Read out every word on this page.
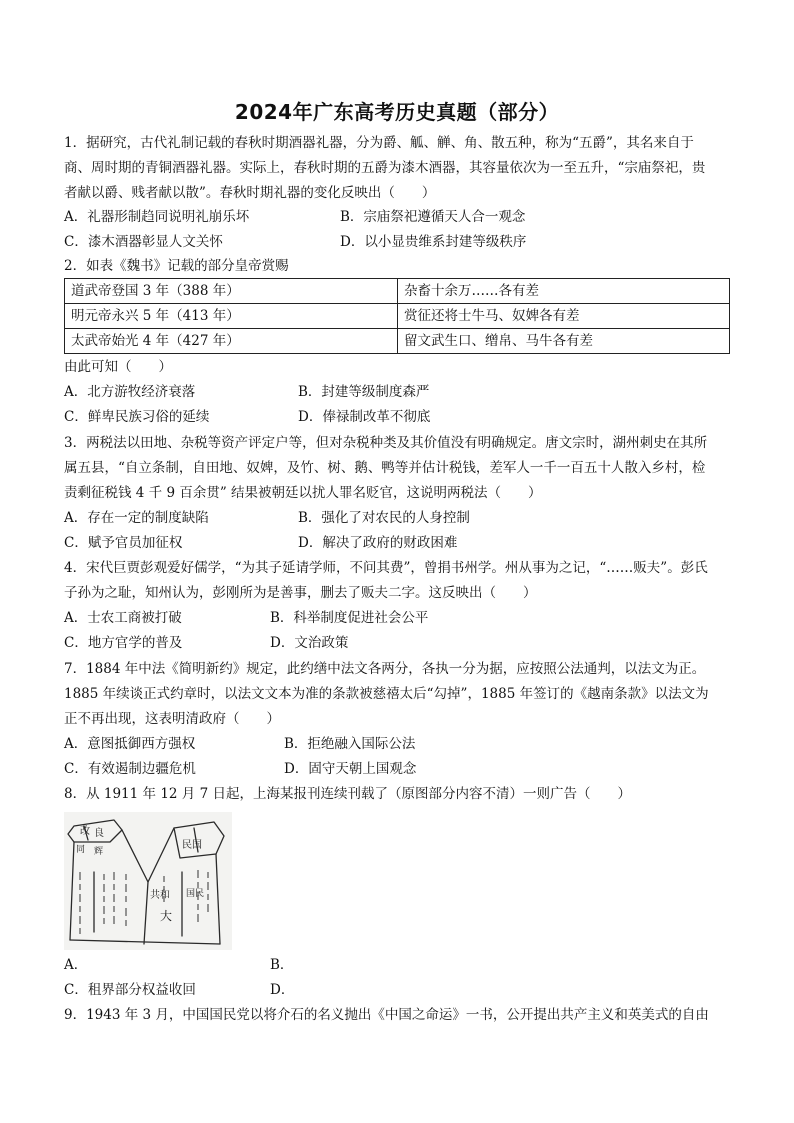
2024年广东高考历史真题（部分）
1．据研究，古代礼制记载的春秋时期酒器礼器，分为爵、觚、觯、角、散五种，称为“五爵”，其名来自于
商、周时期的青铜酒器礼器。实际上，春秋时期的五爵为漆木酒器，其容量依次为一至五升，“宗庙祭祀，贵
者献以爵、贱者献以散”。春秋时期礼器的变化反映出（　　）
A．礼器形制趋同说明礼崩乐坏	B．宗庙祭祀遵循天人合一观念
C．漆木酒器彰显人文关怀	D．以小显贵维系封建等级秩序
2．如表《魏书》记载的部分皇帝赏赐
道武帝登国 3 年（388 年）	杂畜十余万……各有差
明元帝永兴 5 年（413 年）	赏征还将士牛马、奴婢各有差
太武帝始光 4 年（427 年）	留文武生口、缯帛、马牛各有差
由此可知（　　）
A．北方游牧经济衰落	B．封建等级制度森严
C．鲜卑民族习俗的延续	D．俸禄制改革不彻底
3．两税法以田地、杂税等资产评定户等，但对杂税种类及其价值没有明确规定。唐文宗时，湖州刺史在其所
属五县，“自立条制，自田地、奴婢，及竹、树、鹅、鸭等并估计税钱，差军人一千一百五十人散入乡村，检
责剩征税钱 4 千 9 百余贯” 结果被朝廷以扰人罪名贬官，这说明两税法（　　）
A．存在一定的制度缺陷	B．强化了对农民的人身控制
C．赋予官员加征权	D．解决了政府的财政困难
4．宋代巨贾彭观爱好儒学，“为其子延请学师，不问其费”，曾捐书州学。州从事为之记，“……贩夫”。彭氏
子孙为之耻，知州认为，彭刚所为是善事，删去了贩夫二字。这反映出（　　）
A．士农工商被打破	B．科举制度促进社会公平
C．地方官学的普及	D．文治政策
7．1884 年中法《简明新约》规定，此约缮中法文各两分，各执一分为据，应按照公法通判，以法文为正。
1885 年续谈正式约章时，以法文文本为准的条款被慈禧太后“勾掉”，1885 年签订的《越南条款》以法文为
正不再出现，这表明清政府（　　）
A．意图抵御西方强权	B．拒绝融入国际公法
C．有效遏制边疆危机	D．固守天朝上国观念
8．从 1911 年 12 月 7 日起，上海某报刊连续刊载了（原图部分内容不清）一则广告（　　）
改 良
同 辉
民国
共和 国民
大
A．	B．
C．租界部分权益收回	D．
9．1943 年 3 月，中国国民党以将介石的名义抛出《中国之命运》一书，公开提出共产主义和英美式的自由
